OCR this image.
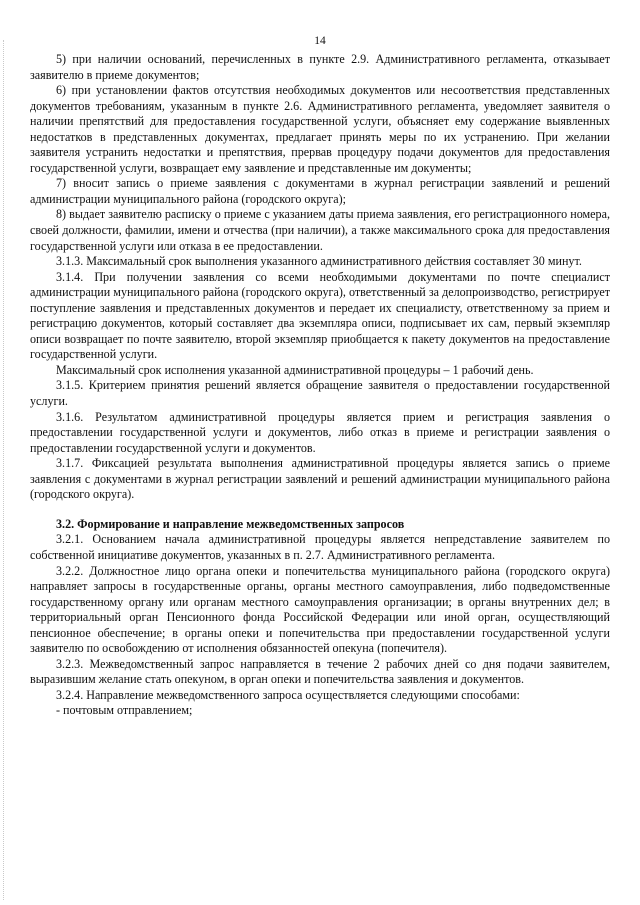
14

5) при наличии оснований, перечисленных в пункте 2.9. Административного регламента, отказывает заявителю в приеме документов;

6) при установлении фактов отсутствия необходимых документов или несоответствия представленных документов требованиям, указанным в пункте 2.6. Административного регламента, уведомляет заявителя о наличии препятствий для предоставления государственной услуги, объясняет ему содержание выявленных недостатков в представленных документах, предлагает принять меры по их устранению. При желании заявителя устранить недостатки и препятствия, прервав процедуру подачи документов для предоставления государственной услуги, возвращает ему заявление и представленные им документы;

7) вносит запись о приеме заявления с документами в журнал регистрации заявлений и решений администрации муниципального района (городского округа);

8) выдает заявителю расписку о приеме с указанием даты приема заявления, его регистрационного номера, своей должности, фамилии, имени и отчества (при наличии), а также максимального срока для предоставления государственной услуги или отказа в ее предоставлении.

3.1.3. Максимальный срок выполнения указанного административного действия составляет 30 минут.

3.1.4. При получении заявления со всеми необходимыми документами по почте специалист администрации муниципального района (городского округа), ответственный за делопроизводство, регистрирует поступление заявления и представленных документов и передает их специалисту, ответственному за прием и регистрацию документов, который составляет два экземпляра описи, подписывает их сам, первый экземпляр описи возвращает по почте заявителю, второй экземпляр приобщается к пакету документов на предоставление государственной услуги.

Максимальный срок исполнения указанной административной процедуры – 1 рабочий день.

3.1.5. Критерием принятия решений является обращение заявителя о предоставлении государственной услуги.

3.1.6. Результатом административной процедуры является прием и регистрация заявления о предоставлении государственной услуги и документов, либо отказ в приеме и регистрации заявления о предоставлении государственной услуги и документов.

3.1.7. Фиксацией результата выполнения административной процедуры является запись о приеме заявления с документами в журнал регистрации заявлений и решений администрации муниципального района (городского округа).

3.2. Формирование и направление межведомственных запросов

3.2.1. Основанием начала административной процедуры является непредставление заявителем по собственной инициативе документов, указанных в п. 2.7. Административного регламента.

3.2.2. Должностное лицо органа опеки и попечительства муниципального района (городского округа) направляет запросы в государственные органы, органы местного самоуправления, либо подведомственные государственному органу или органам местного самоуправления организации; в органы внутренних дел; в территориальный орган Пенсионного фонда Российской Федерации или иной орган, осуществляющий пенсионное обеспечение; в органы опеки и попечительства при предоставлении государственной услуги заявителю по освобождению от исполнения обязанностей опекуна (попечителя).

3.2.3. Межведомственный запрос направляется в течение 2 рабочих дней со дня подачи заявителем, выразившим желание стать опекуном, в орган опеки и попечительства заявления и документов.

3.2.4. Направление межведомственного запроса осуществляется следующими способами:

- почтовым отправлением;
